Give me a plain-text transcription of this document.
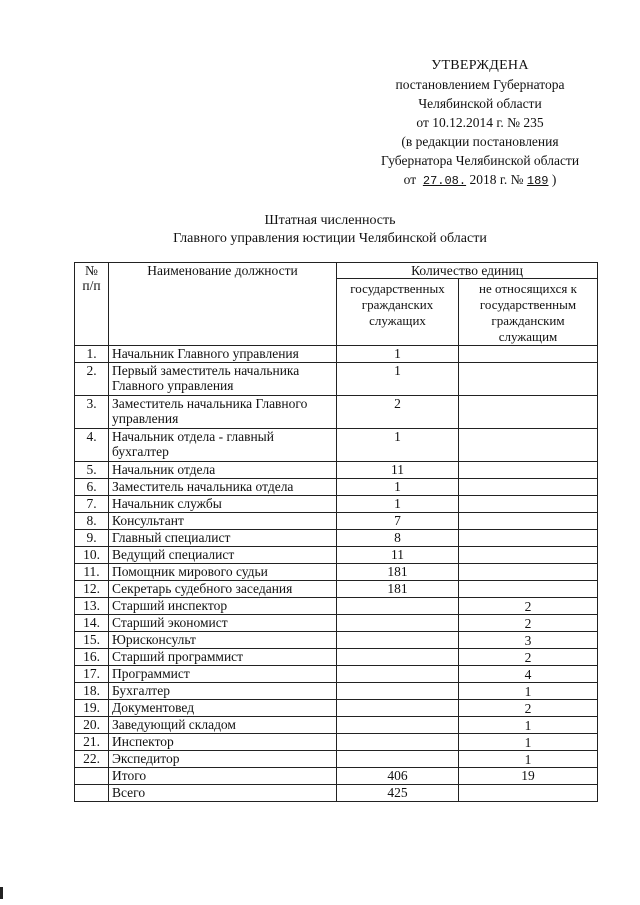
УТВЕРЖДЕНА
постановлением Губернатора
Челябинской области
от 10.12.2014 г. № 235
(в редакции постановления
Губернатора Челябинской области
от 27.08. 2018 г. № 189 )
Штатная численность
Главного управления юстиции Челябинской области
№ п/п	Наименование должности	Количество единиц	
		государственных гражданских служащих	не относящихся к государственным гражданским служащим
1.	Начальник Главного управления	1	
2.	Первый заместитель начальника Главного управления	1	
3.	Заместитель начальника Главного управления	2	
4.	Начальник отдела - главный бухгалтер	1	
5.	Начальник отдела	11	
6.	Заместитель начальника отдела	1	
7.	Начальник службы	1	
8.	Консультант	7	
9.	Главный специалист	8	
10.	Ведущий специалист	11	
11.	Помощник мирового судьи	181	
12.	Секретарь судебного заседания	181	
13.	Старший инспектор		2
14.	Старший экономист		2
15.	Юрисконсульт		3
16.	Старший программист		2
17.	Программист		4
18.	Бухгалтер		1
19.	Документовед		2
20.	Заведующий складом		1
21.	Инспектор		1
22.	Экспедитор		1
	Итого	406	19
	Всего	425	
